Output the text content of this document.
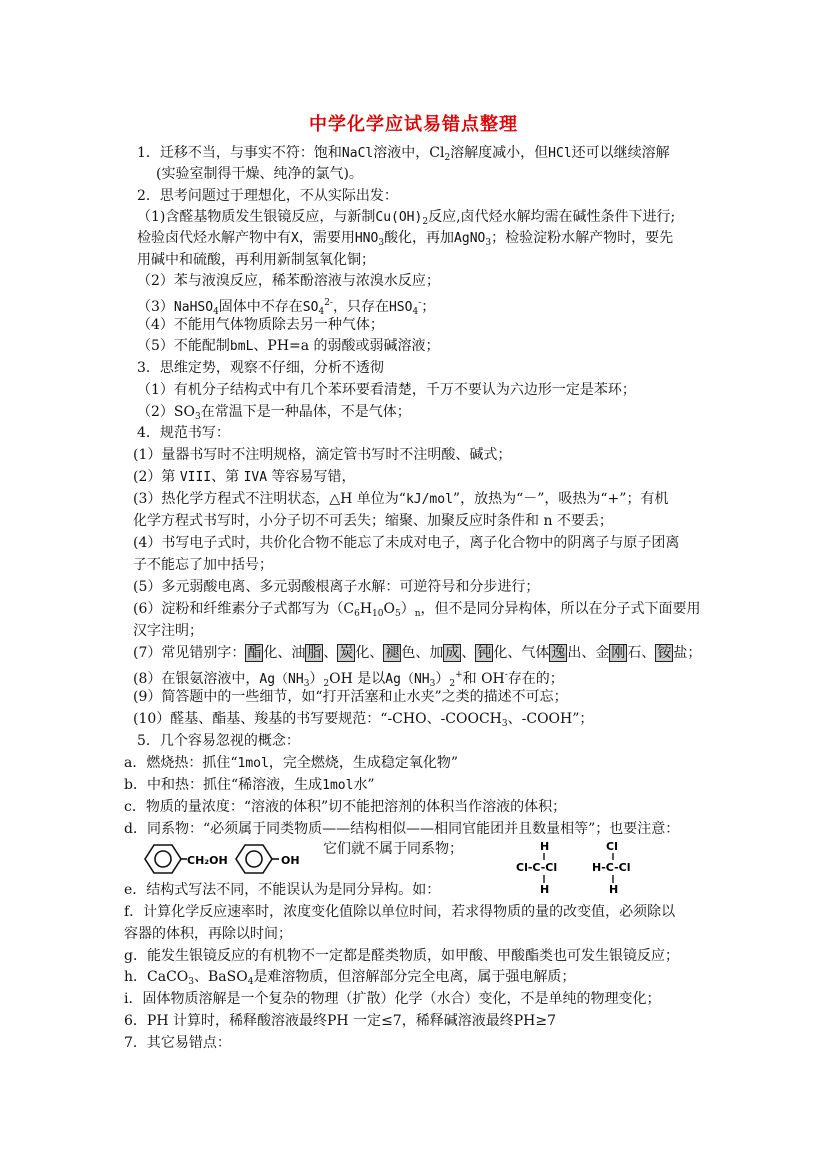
中学化学应试易错点整理
1．迁移不当，与事实不符：饱和NaCl溶液中，$Cl_2$溶解度减小，但HCl还可以继续溶解
(实验室制得干燥、纯净的氯气)。
2．思考问题过于理想化，不从实际出发：
（1)含醛基物质发生银镜反应，与新制$Cu(OH)_2$反应,卤代烃水解均需在碱性条件下进行;
检验卤代烃水解产物中有X，需要用$HNO_3$酸化，再加AgNO$_3$；检验淀粉水解产物时，要先
用碱中和硫酸，再利用新制氢氧化铜；
（2）苯与液溴反应，稀苯酚溶液与浓溴水反应；
（3）NaHSO$_4$固体中不存在$SO_4^{2-}$，只存在$HSO_4^-$；
（4）不能用气体物质除去另一种气体；
（5）不能配制bmL、PH=a 的弱酸或弱碱溶液；
3．思维定势，观察不仔细，分析不透彻
（1）有机分子结构式中有几个苯环要看清楚，千万不要认为六边形一定是苯环；
$(2)SO_3$在常温下是一种晶体，不是气体；
4．规范书写：
(1）量器书写时不注明规格，滴定管书写时不注明酸、碱式；
(2）第 VIII、第 IVA 等容易写错，
(3）热化学方程式不注明状态，△H 单位为“kJ/mol”，放热为“－”，吸热为“+”；有机
化学方程式书写时，小分子切不可丢失；缩聚、加聚反应时条件和 n 不要丢；
(4）书写电子式时，共价化合物不能忘了未成对电子，离子化合物中的阴离子与原子团离
子不能忘了加中括号；
(5）多元弱酸电离、多元弱酸根离子水解：可逆符号和分步进行；
(6）淀粉和纤维素分子式都写为$(C_6H_{10}O_5)_n$，但不是同分异构体，所以在分子式下面要用
汉字注明；
(7）常见错别字： 酯 化、油 脂 、 炭 化、 褪 色、加 成 、 钝 化、气体 逸 出、金 刚 石、 铵 盐；
(8）在银氨溶液中，$Ag(NH_3)_2OH$ 是以$Ag(NH_3)_2^+$和 OH-存在的；
(9）简答题中的一些细节，如“打开活塞和止水夹”之类的描述不可忘；
(10）醛基、酯基、羧基的书写要规范：“-CHO、$-COOCH_3$、-COOH”；
5．几个容易忽视的概念：
a．燃烧热：抓住“1mol，完全燃烧，生成稳定氧化物”
b．中和热：抓住“稀溶液，生成1mol水”
c．物质的量浓度：“溶液的体积”切不能把溶剂的体积当作溶液的体积；
d．同系物：“必须属于同类物质——结构相似——相同官能团并且数量相等”；也要注意：
CH₂OH	OH
它们就不属于同系物；	H
Cl-C-Cl
H
Cl
H-C-Cl
H
e．结构式写法不同，不能误认为是同分异构。如：
f．计算化学反应速率时，浓度变化值除以单位时间，若求得物质的量的改变值，必须除以
容器的体积，再除以时间；
g．能发生银镜反应的有机物不一定都是醛类物质，如甲酸、甲酸酯类也可发生银镜反应；
h．CaCO$_3$、BaSO$_4$是难溶物质，但溶解部分完全电离，属于强电解质；
i．固体物质溶解是一个复杂的物理（扩散）化学（水合）变化，不是单纯的物理变化；
6．PH 计算时，稀释酸溶液最终PH 一定≤7，稀释碱溶液最终PH≥7
7．其它易错点：
